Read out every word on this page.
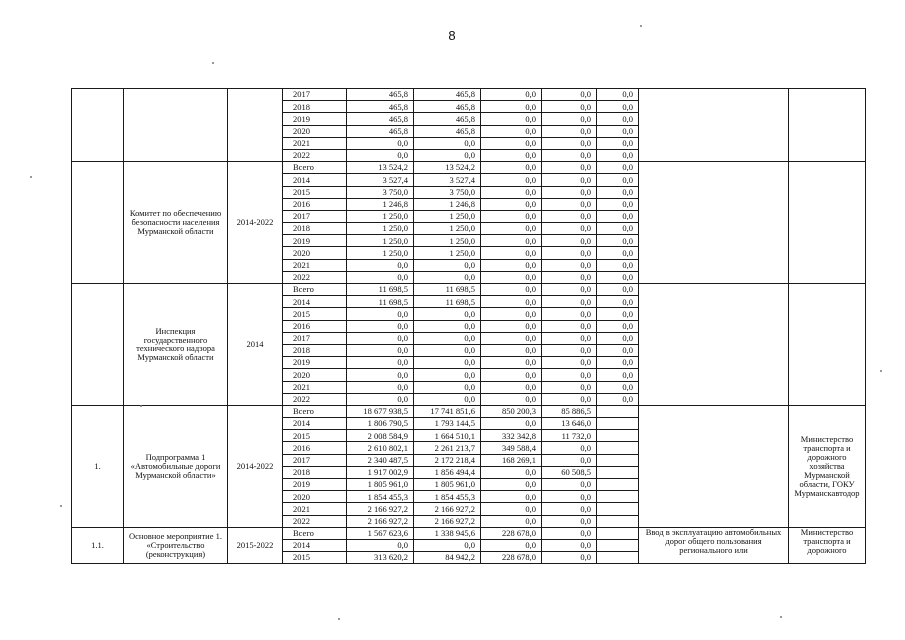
8
			2017	465,8	465,8	0,0	0,0	0,0		
			2018	465,8	465,8	0,0	0,0	0,0		
			2019	465,8	465,8	0,0	0,0	0,0		
			2020	465,8	465,8	0,0	0,0	0,0		
			2021	0,0	0,0	0,0	0,0	0,0		
			2022	0,0	0,0	0,0	0,0	0,0		
	Комитет по обеспечению безопасности населения Мурманской области	2014-2022	Всего	13 524,2	13 524,2	0,0	0,0	0,0		
			2014	3 527,4	3 527,4	0,0	0,0	0,0		
			2015	3 750,0	3 750,0	0,0	0,0	0,0		
			2016	1 246,8	1 246,8	0,0	0,0	0,0		
			2017	1 250,0	1 250,0	0,0	0,0	0,0		
			2018	1 250,0	1 250,0	0,0	0,0	0,0		
			2019	1 250,0	1 250,0	0,0	0,0	0,0		
			2020	1 250,0	1 250,0	0,0	0,0	0,0		
			2021	0,0	0,0	0,0	0,0	0,0		
			2022	0,0	0,0	0,0	0,0	0,0		
	Инспекция государственного технического надзора Мурманской области	2014	Всего	11 698,5	11 698,5	0,0	0,0	0,0		
			2014	11 698,5	11 698,5	0,0	0,0	0,0		
			2015	0,0	0,0	0,0	0,0	0,0		
			2016	0,0	0,0	0,0	0,0	0,0		
			2017	0,0	0,0	0,0	0,0	0,0		
			2018	0,0	0,0	0,0	0,0	0,0		
			2019	0,0	0,0	0,0	0,0	0,0		
			2020	0,0	0,0	0,0	0,0	0,0		
			2021	0,0	0,0	0,0	0,0	0,0		
			2022	0,0	0,0	0,0	0,0	0,0		
1.	Подпрограмма 1 «Автомобильные дороги Мурманской области»	2014-2022	Всего	18 677 938,5	17 741 851,6	850 200,3	85 886,5			Министерство транспорта и дорожного хозяйства Мурманской области, ГОКУ Мурманскавтодор
			2014	1 806 790,5	1 793 144,5	0,0	13 646,0			
			2015	2 008 584,9	1 664 510,1	332 342,8	11 732,0			
			2016	2 610 802,1	2 261 213,7	349 588,4	0,0			
			2017	2 340 487,5	2 172 218,4	168 269,1	0,0			
			2018	1 917 002,9	1 856 494,4	0,0	60 508,5			
			2019	1 805 961,0	1 805 961,0	0,0	0,0			
			2020	1 854 455,3	1 854 455,3	0,0	0,0			
			2021	2 166 927,2	2 166 927,2	0,0	0,0			
			2022	2 166 927,2	2 166 927,2	0,0	0,0			
1.1.	Основное мероприятие 1. «Строительство (реконструкция)	2015-2022	Всего	1 567 623,6	1 338 945,6	228 678,0	0,0		Ввод в эксплуатацию автомобильных дорог общего пользования регионального или	Министерство транспорта и дорожного
			2014	0,0	0,0	0,0	0,0			
			2015	313 620,2	84 942,2	228 678,0	0,0			
